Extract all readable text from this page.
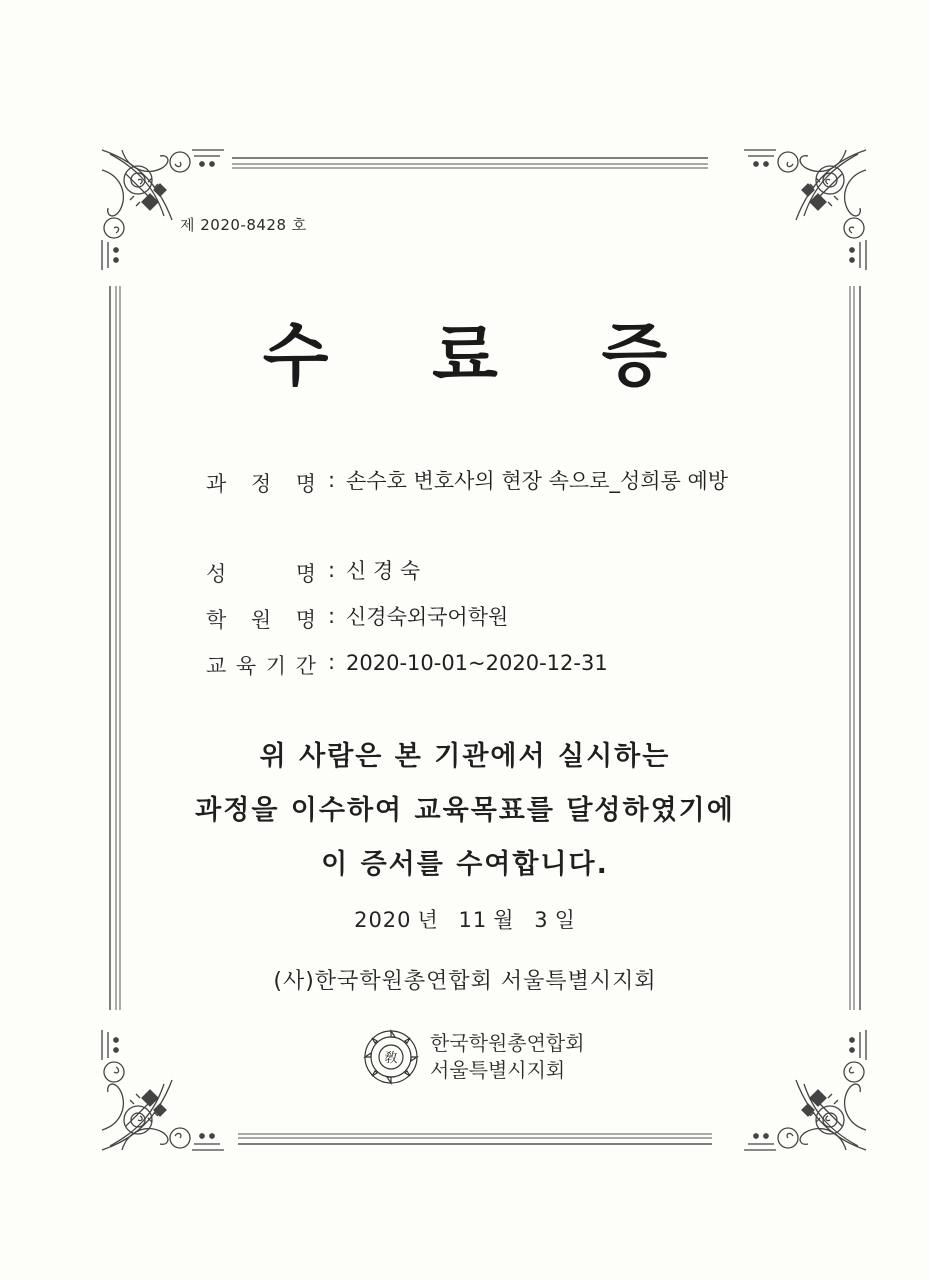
제 2020-8428 호
수 료 증
과 정 명 : 손수호 변호사의 현장 속으로_성희롱 예방
성	명 : 신 경 숙
학 원 명 : 신경숙외국어학원
교 육 기 간 : 2020-10-01~2020-12-31
위 사람은 본 기관에서 실시하는
과정을 이수하여 교육목표를 달성하였기에
이 증서를 수여합니다.
2020 년 11 월 3 일
(사)한국학원총연합회 서울특별시지회
敎
한국학원총연합회
서울특별시지회
